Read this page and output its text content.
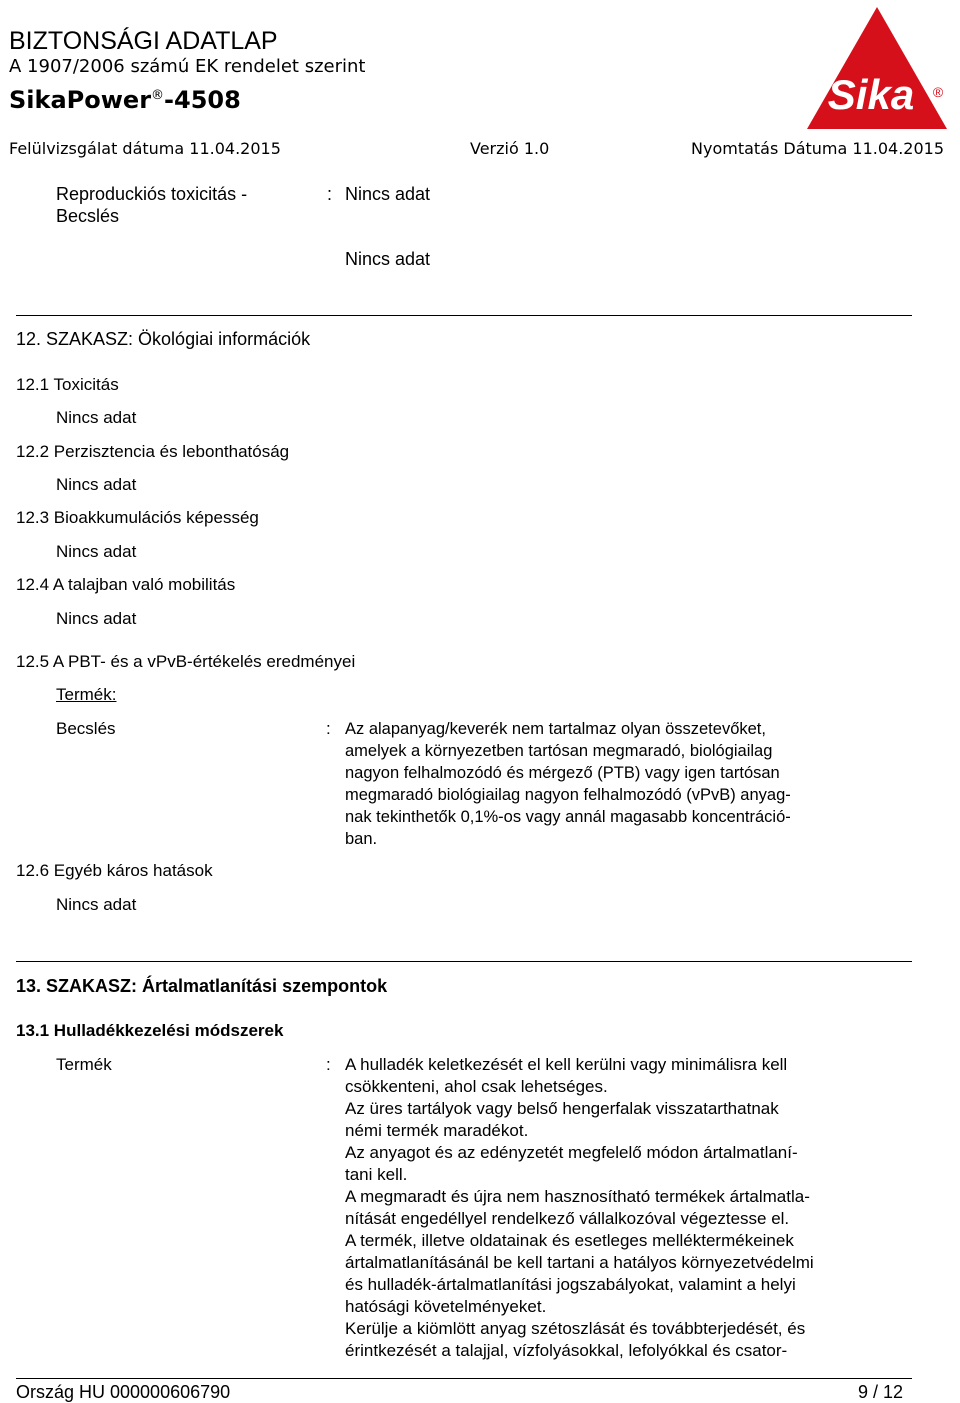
BIZTONSÁGI ADATLAP
A 1907/2006 számú EK rendelet szerint
SikaPower®-4508
Felülvizsgálat dátuma 11.04.2015	Verzió 1.0	Nyomtatás Dátuma 11.04.2015
Sika ®
Reproduckiós toxicitás -
Becslés
: Nincs adat
Nincs adat
12. SZAKASZ: Ökológiai információk
12.1 Toxicitás
Nincs adat
12.2 Perzisztencia és lebonthatóság
Nincs adat
12.3 Bioakkumulációs képesség
Nincs adat
12.4 A talajban való mobilitás
Nincs adat
12.5 A PBT- és a vPvB-értékelés eredményei
Termék:
Becslés	: Az alapanyag/keverék nem tartalmaz olyan összetevőket,
amelyek a környezetben tartósan megmaradó, biológiailag
nagyon felhalmozódó és mérgező (PTB) vagy igen tartósan
megmaradó biológiailag nagyon felhalmozódó (vPvB) anyag-
nak tekinthetők 0,1%-os vagy annál magasabb koncentráció-
ban.
12.6 Egyéb káros hatások
Nincs adat
13. SZAKASZ: Ártalmatlanítási szempontok
13.1 Hulladékkezelési módszerek
Termék	: A hulladék keletkezését el kell kerülni vagy minimálisra kell
csökkenteni, ahol csak lehetséges.
Az üres tartályok vagy belső hengerfalak visszatarthatnak
némi termék maradékot.
Az anyagot és az edényzetét megfelelő módon ártalmatlaní-
tani kell.
A megmaradt és újra nem hasznosítható termékek ártalmatla-
nítását engedéllyel rendelkező vállalkozóval végeztesse el.
A termék, illetve oldatainak és esetleges melléktermékeinek
ártalmatlanításánál be kell tartani a hatályos környezetvédelmi
és hulladék-ártalmatlanítási jogszabályokat, valamint a helyi
hatósági követelményeket.
Kerülje a kiömlött anyag szétoszlását és továbbterjedését, és
érintkezését a talajjal, vízfolyásokkal, lefolyókkal és csator-
Ország HU 000000606790	9 / 12
